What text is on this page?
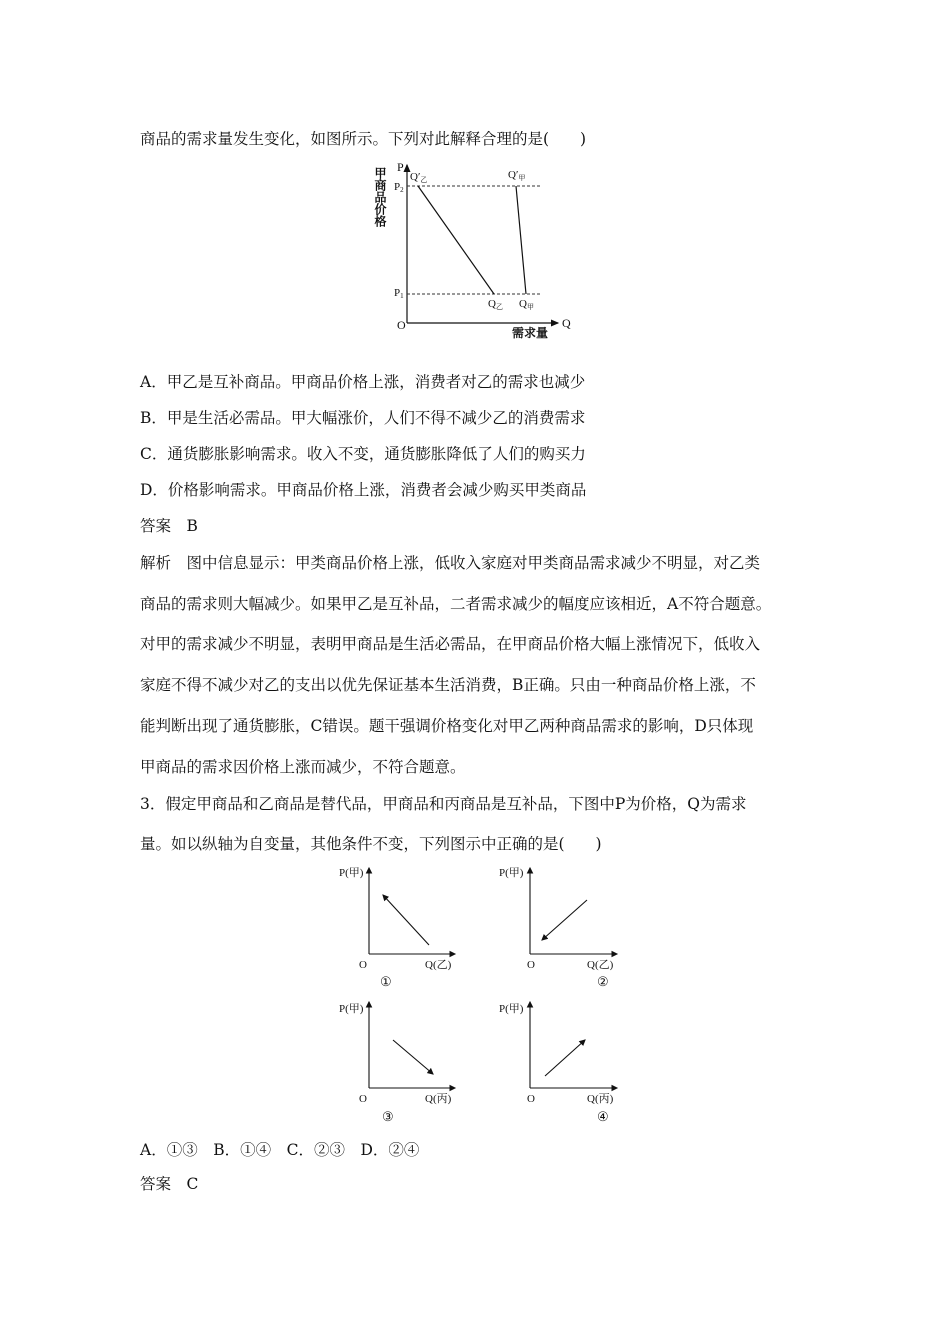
商品的需求量发生变化，如图所示。下列对此解释合理的是(　　)
甲商品价格 P
O	Q
需求量
P2
P1
Q′乙	Q′甲
Q乙 Q甲
A．甲乙是互补商品。甲商品价格上涨，消费者对乙的需求也减少
B．甲是生活必需品。甲大幅涨价，人们不得不减少乙的消费需求
C．通货膨胀影响需求。收入不变，通货膨胀降低了人们的购买力
D．价格影响需求。甲商品价格上涨，消费者会减少购买甲类商品
答案　B
解析　图中信息显示：甲类商品价格上涨，低收入家庭对甲类商品需求减少不明显，对乙类
商品的需求则大幅减少。如果甲乙是互补品，二者需求减少的幅度应该相近，A不符合题意。
对甲的需求减少不明显，表明甲商品是生活必需品，在甲商品价格大幅上涨情况下，低收入
家庭不得不减少对乙的支出以优先保证基本生活消费，B正确。只由一种商品价格上涨，不
能判断出现了通货膨胀，C错误。题干强调价格变化对甲乙两种商品需求的影响，D只体现
甲商品的需求因价格上涨而减少，不符合题意。
3．假定甲商品和乙商品是替代品，甲商品和丙商品是互补品，下图中P为价格，Q为需求
量。如以纵轴为自变量，其他条件不变，下列图示中正确的是(　　)
P(甲)
O	Q(乙)
①
P(甲)
O	Q(乙)
②
P(甲)
O	Q(丙)
③
P(甲)
O	Q(丙)
④
A．①③　B．①④　C．②③　D．②④
答案　C
